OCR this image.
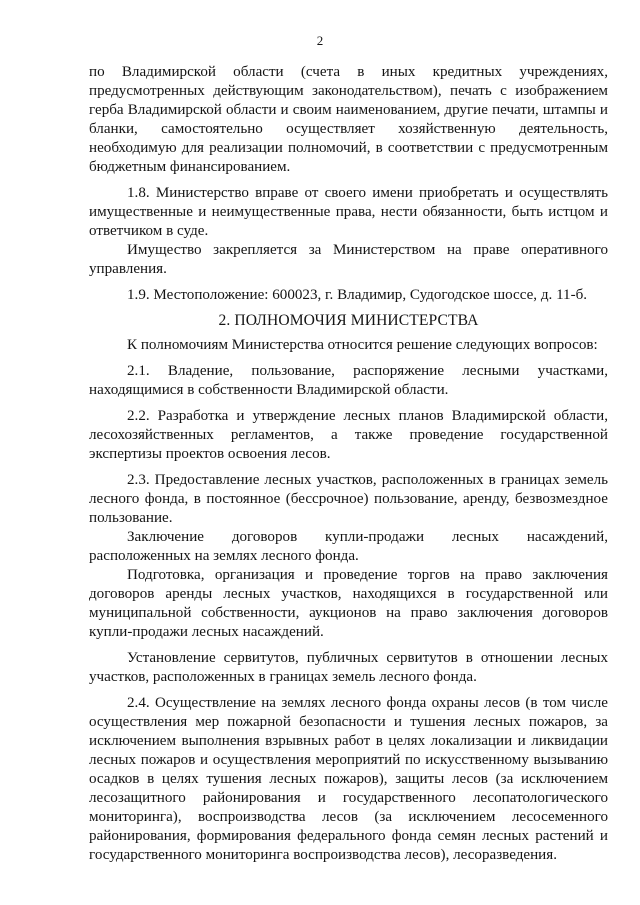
2

по Владимирской области (счета в иных кредитных учреждениях, предусмотренных действующим законодательством), печать с изображением герба Владимирской области и своим наименованием, другие печати, штампы и бланки, самостоятельно осуществляет хозяйственную деятельность, необходимую для реализации полномочий, в соответствии с предусмотренным бюджетным финансированием.

1.8. Министерство вправе от своего имени приобретать и осуществлять имущественные и неимущественные права, нести обязанности, быть истцом и ответчиком в суде.

Имущество закрепляется за Министерством на праве оперативного управления.

1.9. Местоположение: 600023, г. Владимир, Судогодское шоссе, д. 11-б.

2. ПОЛНОМОЧИЯ МИНИСТЕРСТВА

К полномочиям Министерства относится решение следующих вопросов:

2.1. Владение, пользование, распоряжение лесными участками, находящимися в собственности Владимирской области.

2.2. Разработка и утверждение лесных планов Владимирской области, лесохозяйственных регламентов, а также проведение государственной экспертизы проектов освоения лесов.

2.3. Предоставление лесных участков, расположенных в границах земель лесного фонда, в постоянное (бессрочное) пользование, аренду, безвозмездное пользование.

Заключение договоров купли-продажи лесных насаждений, расположенных на землях лесного фонда.

Подготовка, организация и проведение торгов на право заключения договоров аренды лесных участков, находящихся в государственной или муниципальной собственности, аукционов на право заключения договоров купли-продажи лесных насаждений.

Установление сервитутов, публичных сервитутов в отношении лесных участков, расположенных в границах земель лесного фонда.

2.4. Осуществление на землях лесного фонда охраны лесов (в том числе осуществления мер пожарной безопасности и тушения лесных пожаров, за исключением выполнения взрывных работ в целях локализации и ликвидации лесных пожаров и осуществления мероприятий по искусственному вызыванию осадков в целях тушения лесных пожаров), защиты лесов (за исключением лесозащитного районирования и государственного лесопатологического мониторинга), воспроизводства лесов (за исключением лесосеменного районирования, формирования федерального фонда семян лесных растений и государственного мониторинга воспроизводства лесов), лесоразведения.
